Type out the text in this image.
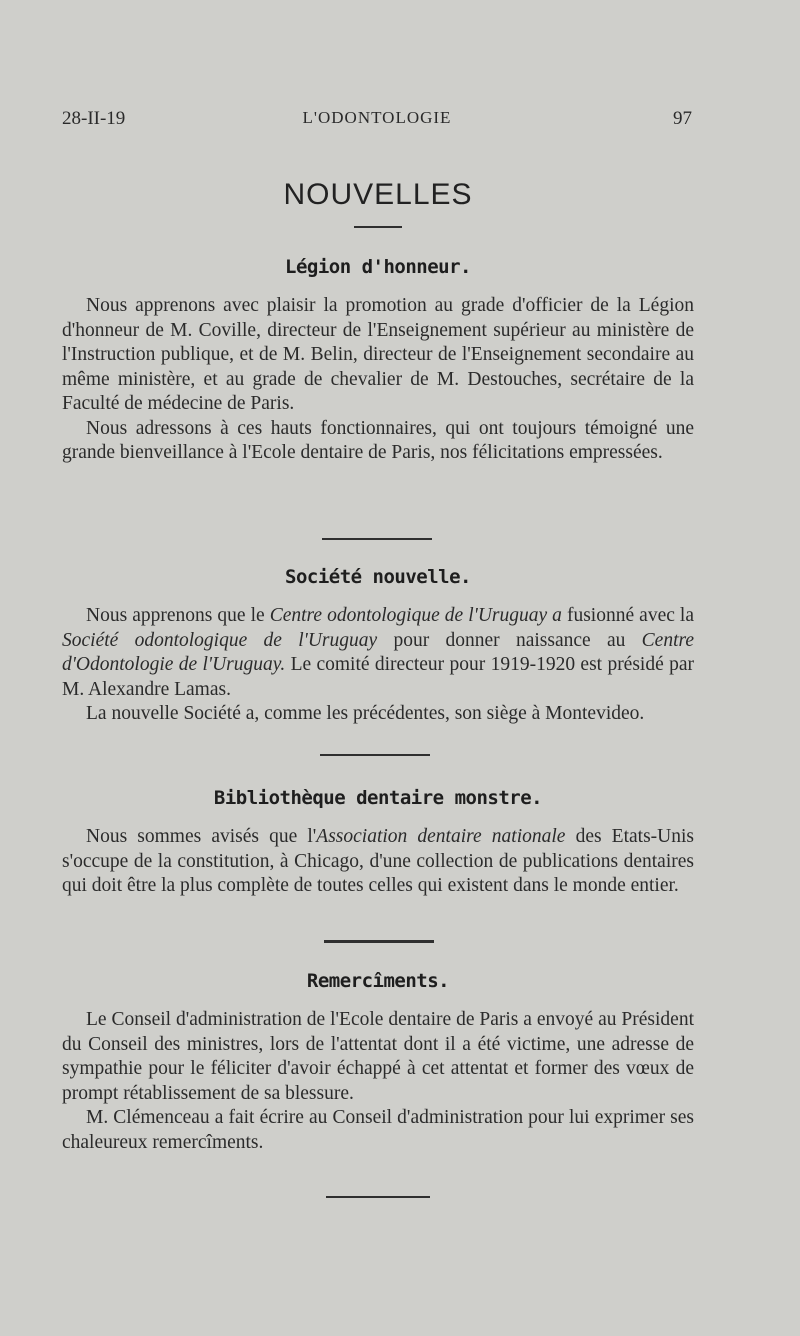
28-II-19	L'ODONTOLOGIE	97
NOUVELLES
Légion d'honneur.

Nous apprenons avec plaisir la promotion au grade d'officier de la Légion d'honneur de M. Coville, directeur de l'Enseignement supérieur au ministère de l'Instruction publique, et de M. Belin, directeur de l'Enseignement secondaire au même ministère, et au grade de chevalier de M. Destouches, secrétaire de la Faculté de médecine de Paris.

Nous adressons à ces hauts fonctionnaires, qui ont toujours témoigné une grande bienveillance à l'Ecole dentaire de Paris, nos félicitations empressées.

Société nouvelle.

Nous apprenons que le Centre odontologique de l'Uruguay a fusionné avec la Société odontologique de l'Uruguay pour donner naissance au Centre d'Odontologie de l'Uruguay. Le comité directeur pour 1919-1920 est présidé par M. Alexandre Lamas.

La nouvelle Société a, comme les précédentes, son siège à Montevideo.

Bibliothèque dentaire monstre.

Nous sommes avisés que l'Association dentaire nationale des Etats-Unis s'occupe de la constitution, à Chicago, d'une collection de publications dentaires qui doit être la plus complète de toutes celles qui existent dans le monde entier.

Remercîments.

Le Conseil d'administration de l'Ecole dentaire de Paris a envoyé au Président du Conseil des ministres, lors de l'attentat dont il a été victime, une adresse de sympathie pour le féliciter d'avoir échappé à cet attentat et former des vœux de prompt rétablissement de sa blessure.

M. Clémenceau a fait écrire au Conseil d'administration pour lui exprimer ses chaleureux remercîments.
